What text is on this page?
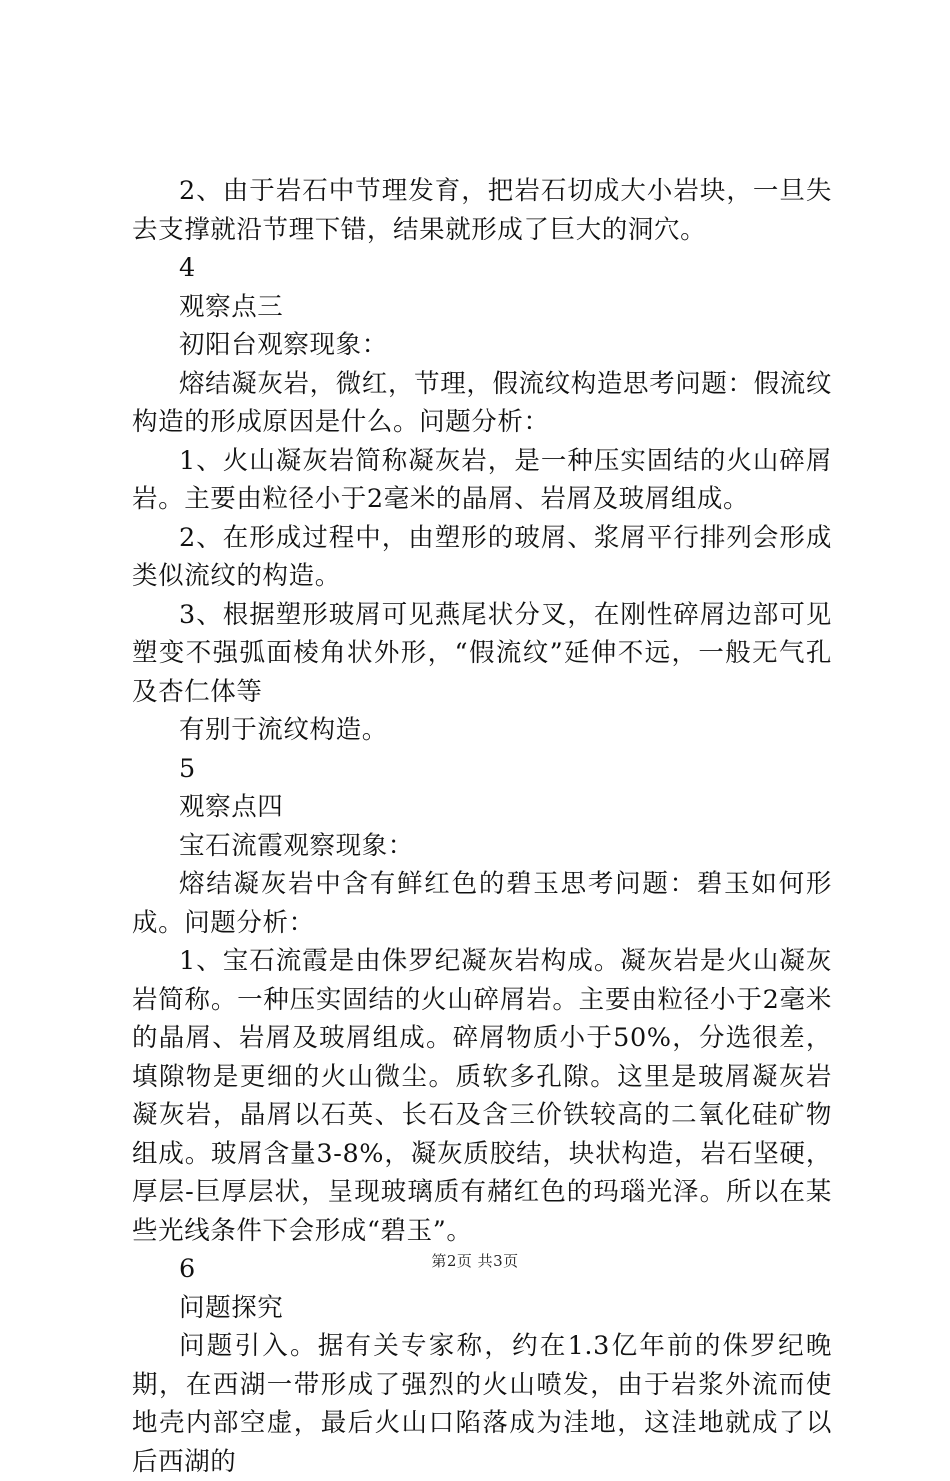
2、由于岩石中节理发育，把岩石切成大小岩块，一旦失去支撑就沿节理下错，结果就形成了巨大的洞穴。

4

观察点三

初阳台观察现象：

熔结凝灰岩，微红，节理，假流纹构造思考问题：假流纹构造的形成原因是什么。问题分析：

1、火山凝灰岩简称凝灰岩，是一种压实固结的火山碎屑岩。主要由粒径小于2毫米的晶屑、岩屑及玻屑组成。

2、在形成过程中，由塑形的玻屑、浆屑平行排列会形成类似流纹的构造。

3、根据塑形玻屑可见燕尾状分叉，在刚性碎屑边部可见塑变不强弧面棱角状外形，“假流纹”延伸不远，一般无气孔及杏仁体等

有别于流纹构造。

5

观察点四

宝石流霞观察现象：

熔结凝灰岩中含有鲜红色的碧玉思考问题：碧玉如何形成。问题分析：

1、宝石流霞是由侏罗纪凝灰岩构成。凝灰岩是火山凝灰岩简称。一种压实固结的火山碎屑岩。主要由粒径小于2毫米的晶屑、岩屑及玻屑组成。碎屑物质小于50%，分选很差，填隙物是更细的火山微尘。质软多孔隙。这里是玻屑凝灰岩凝灰岩，晶屑以石英、长石及含三价铁较高的二氧化硅矿物组成。玻屑含量3-8%，凝灰质胶结，块状构造，岩石坚硬，厚层-巨厚层状，呈现玻璃质有赭红色的玛瑙光泽。所以在某些光线条件下会形成“碧玉”。

6

问题探究

问题引入。据有关专家称，约在1.3亿年前的侏罗纪晚期，在西湖一带形成了强烈的火山喷发，由于岩浆外流而使地壳内部空虚，最后火山口陷落成为洼地，这洼地就成了以后西湖的

第2页 共3页
